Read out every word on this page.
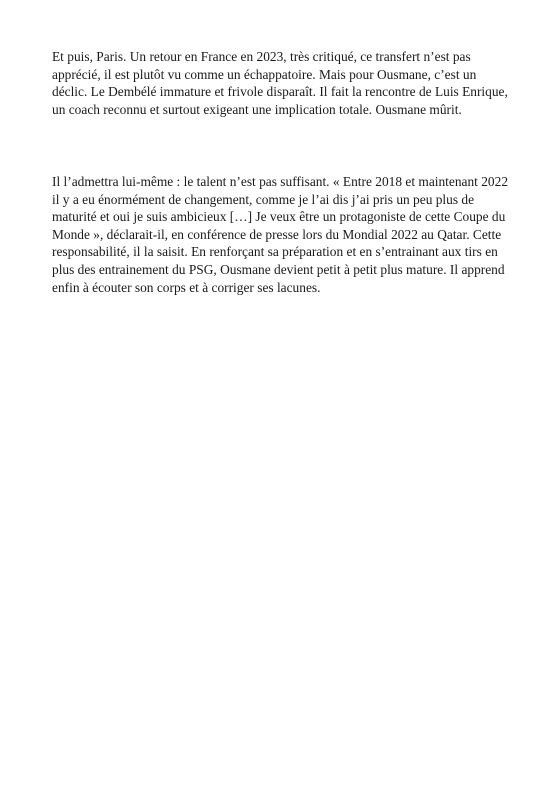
Et puis, Paris. Un retour en France en 2023, très critiqué, ce transfert n’est pas
apprécié, il est plutôt vu comme un échappatoire. Mais pour Ousmane, c’est un
déclic. Le Dembélé immature et frivole disparaît. Il fait la rencontre de Luis Enrique,
un coach reconnu et surtout exigeant une implication totale. Ousmane mûrit.

Il l’admettra lui-même : le talent n’est pas suffisant. « Entre 2018 et maintenant 2022
il y a eu énormément de changement, comme je l’ai dis j’ai pris un peu plus de
maturité et oui je suis ambicieux […] Je veux être un protagoniste de cette Coupe du
Monde », déclarait-il, en conférence de presse lors du Mondial 2022 au Qatar. Cette
responsabilité, il la saisit. En renforçant sa préparation et en s’entrainant aux tirs en
plus des entrainement du PSG, Ousmane devient petit à petit plus mature. Il apprend
enfin à écouter son corps et à corriger ses lacunes.
